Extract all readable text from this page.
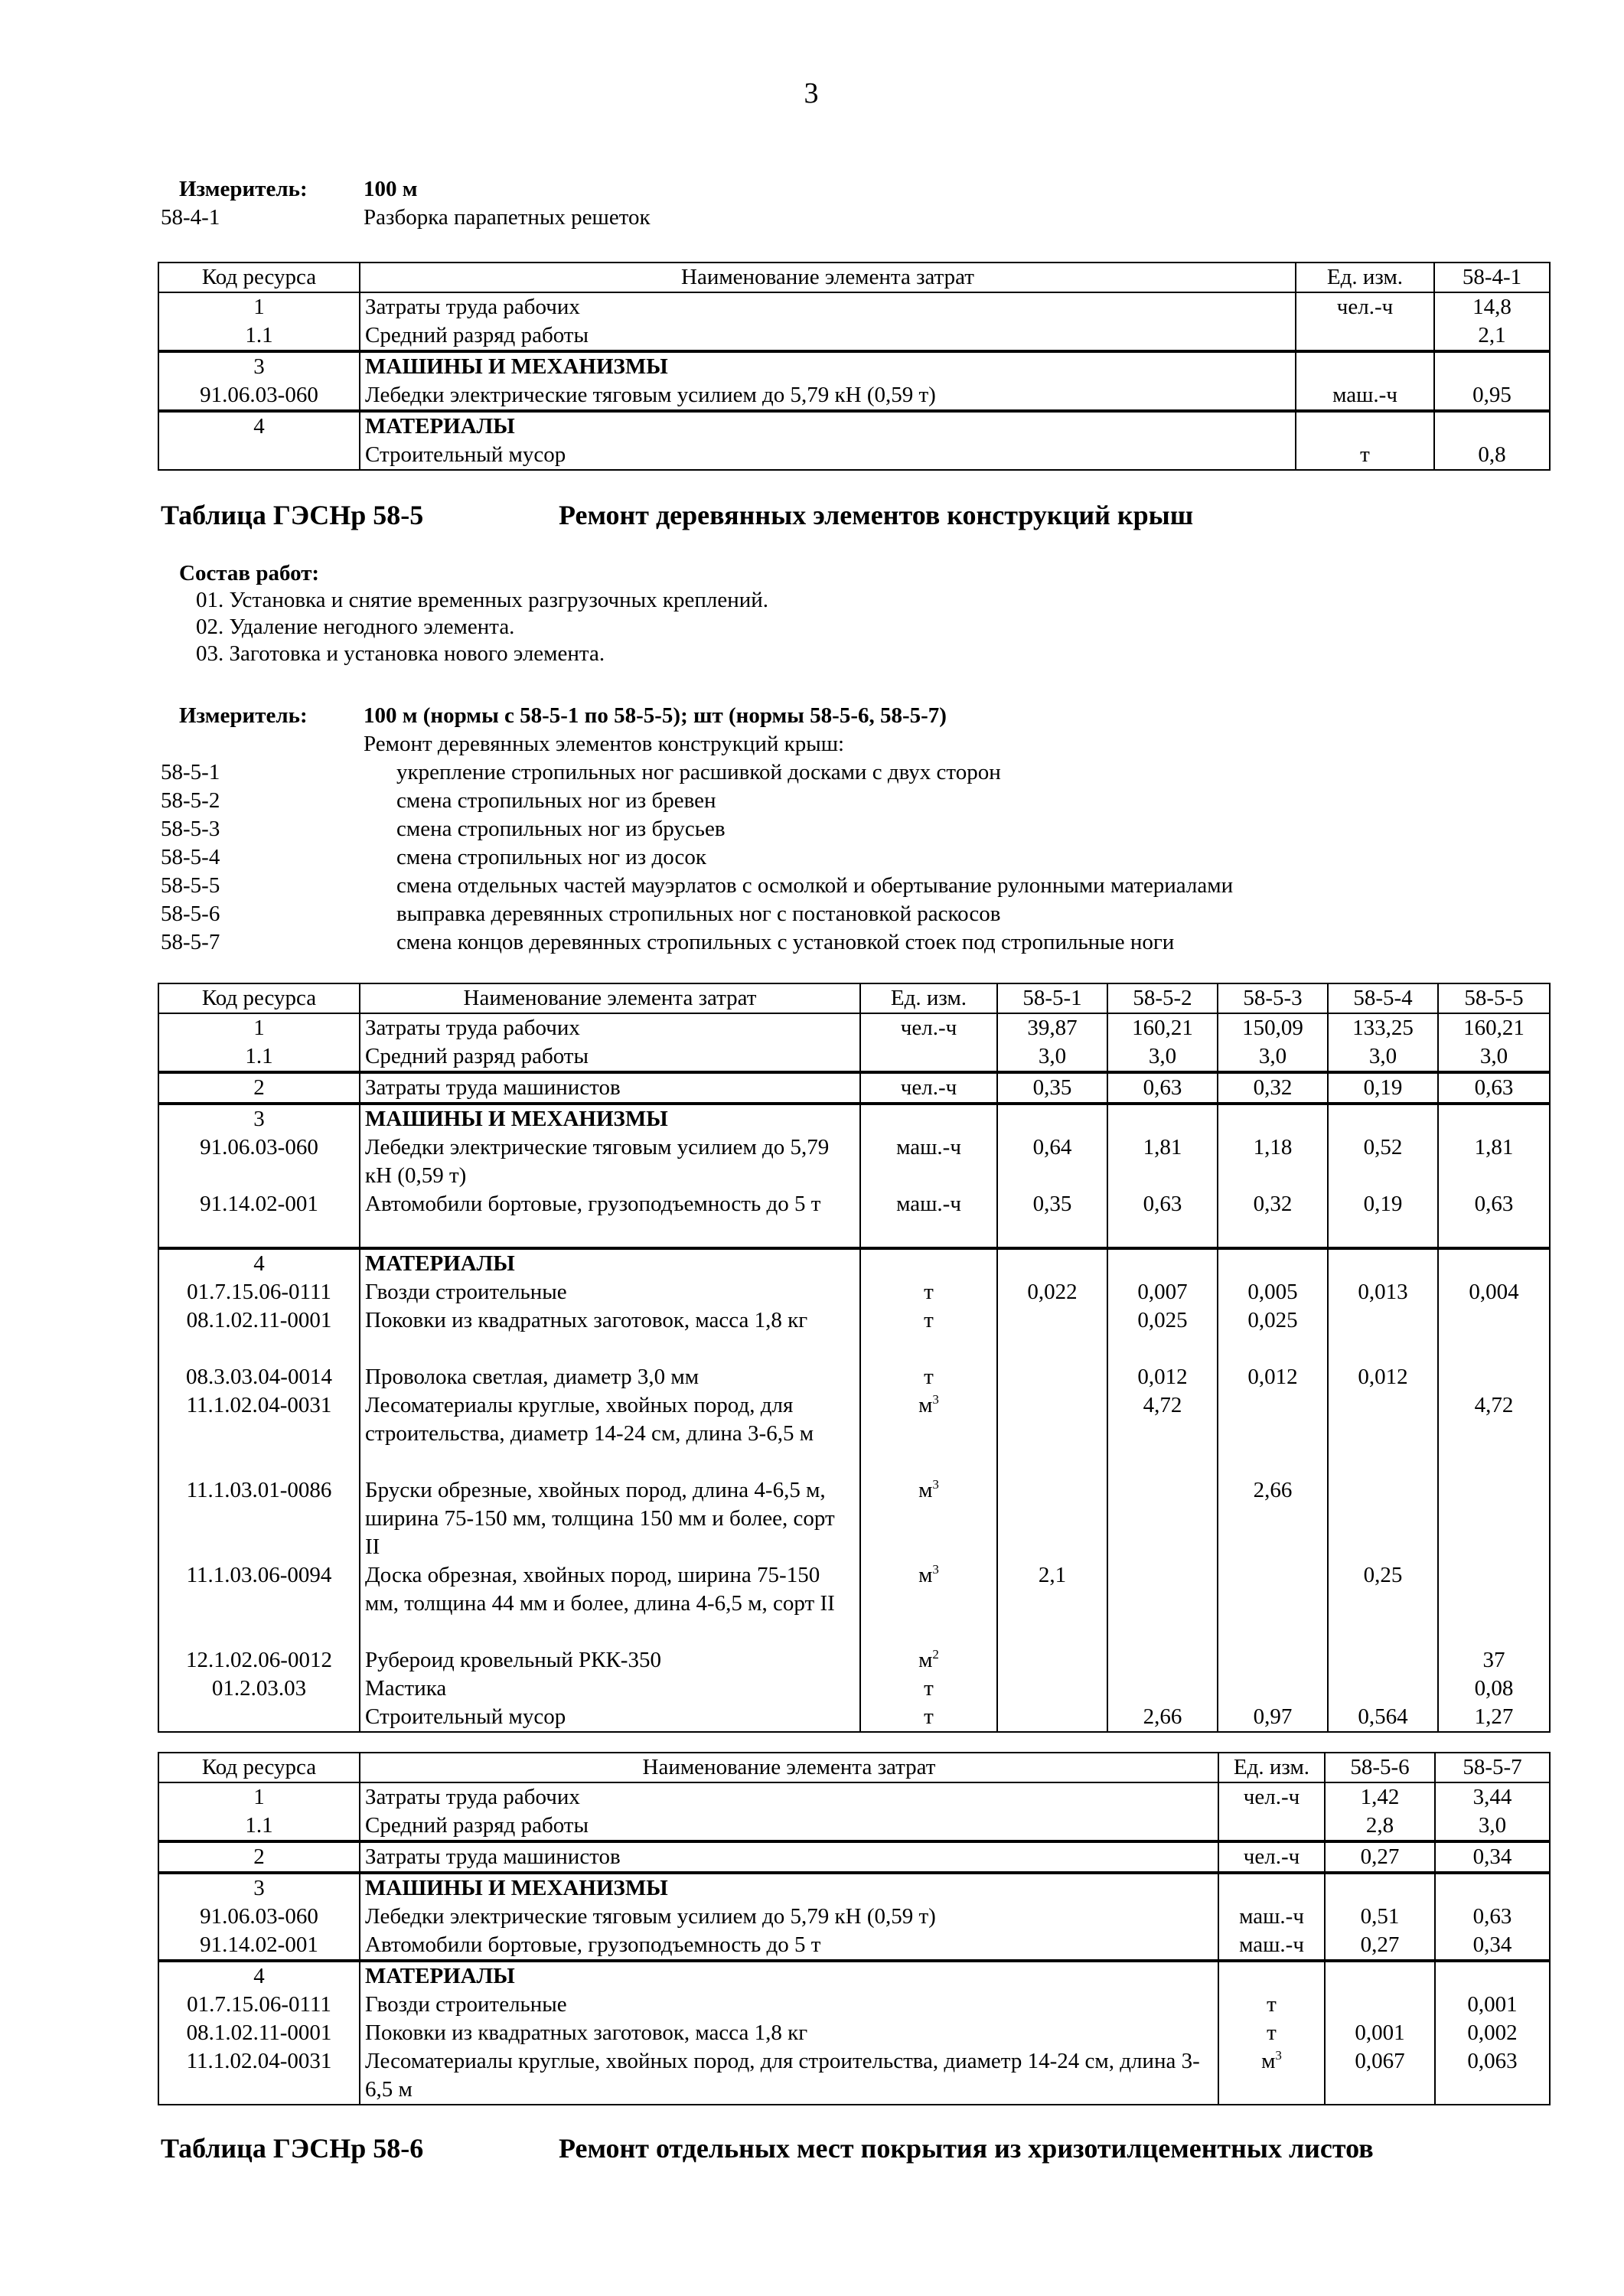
3
Измеритель:	100 м
58-4-1	Разборка парапетных решеток
Код ресурса	Наименование элемента затрат	Ед. изм.	58-4-1
1	Затраты труда рабочих	чел.-ч	14,8
1.1	Средний разряд работы		2,1
3	МАШИНЫ И МЕХАНИЗМЫ		
91.06.03-060	Лебедки электрические тяговым усилием до 5,79 кН (0,59 т)	маш.-ч	0,95
4	МАТЕРИАЛЫ		
	Строительный мусор	т	0,8
Таблица ГЭСНр 58-5	Ремонт деревянных элементов конструкций крыш
Состав работ:
01. Установка и снятие временных разгрузочных креплений.
02. Удаление негодного элемента.
03. Заготовка и установка нового элемента.
Измеритель:	100 м (нормы с 58-5-1 по 58-5-5); шт (нормы 58-5-6, 58-5-7)
Ремонт деревянных элементов конструкций крыш:
58-5-1	укрепление стропильных ног расшивкой досками с двух сторон
58-5-2	смена стропильных ног из бревен
58-5-3	смена стропильных ног из брусьев
58-5-4	смена стропильных ног из досок
58-5-5	смена отдельных частей мауэрлатов с осмолкой и обертывание рулонными материалами
58-5-6	выправка деревянных стропильных ног с постановкой раскосов
58-5-7	смена концов деревянных стропильных с установкой стоек под стропильные ноги
Код ресурса	Наименование элемента затрат	Ед. изм.	58-5-1	58-5-2	58-5-3	58-5-4	58-5-5
1	Затраты труда рабочих	чел.-ч	39,87	160,21	150,09	133,25	160,21
1.1	Средний разряд работы		3,0	3,0	3,0	3,0	3,0
2	Затраты труда машинистов	чел.-ч	0,35	0,63	0,32	0,19	0,63
3	МАШИНЫ И МЕХАНИЗМЫ						
91.06.03-060	Лебедки электрические тяговым усилием до 5,79 кН (0,59 т)	маш.-ч	0,64	1,81	1,18	0,52	1,81
91.14.02-001	Автомобили бортовые, грузоподъемность до 5 т	маш.-ч	0,35	0,63	0,32	0,19	0,63
4	МАТЕРИАЛЫ						
01.7.15.06-0111	Гвозди строительные	т	0,022	0,007	0,005	0,013	0,004
08.1.02.11-0001	Поковки из квадратных заготовок, масса 1,8 кг	т		0,025	0,025		
08.3.03.04-0014	Проволока светлая, диаметр 3,0 мм	т		0,012	0,012	0,012	
11.1.02.04-0031	Лесоматериалы круглые, хвойных пород, для строительства, диаметр 14-24 см, длина 3-6,5 м	$м^3$		4,72			4,72
11.1.03.01-0086	Бруски обрезные, хвойных пород, длина 4-6,5 м, ширина 75-150 мм, толщина 150 мм и более, сорт II	$м^3$			2,66		
11.1.03.06-0094	Доска обрезная, хвойных пород, ширина 75-150 мм, толщина 44 мм и более, длина 4-6,5 м, сорт II	$м^3$	2,1			0,25	
12.1.02.06-0012	Рубероид кровельный РКК-350	$м^2$					37
01.2.03.03	Мастика	т					0,08
	Строительный мусор	т		2,66	0,97	0,564	1,27
Код ресурса	Наименование элемента затрат	Ед. изм.	58-5-6	58-5-7
1	Затраты труда рабочих	чел.-ч	1,42	3,44
1.1	Средний разряд работы		2,8	3,0
2	Затраты труда машинистов	чел.-ч	0,27	0,34
3	МАШИНЫ И МЕХАНИЗМЫ			
91.06.03-060	Лебедки электрические тяговым усилием до 5,79 кН (0,59 т)	маш.-ч	0,51	0,63
91.14.02-001	Автомобили бортовые, грузоподъемность до 5 т	маш.-ч	0,27	0,34
4	МАТЕРИАЛЫ			
01.7.15.06-0111	Гвозди строительные	т		0,001
08.1.02.11-0001	Поковки из квадратных заготовок, масса 1,8 кг	т	0,001	0,002
11.1.02.04-0031	Лесоматериалы круглые, хвойных пород, для строительства, диаметр 14-24 см, длина 3-6,5 м	$м^3$	0,067	0,063
Таблица ГЭСНр 58-6	Ремонт отдельных мест покрытия из хризотилцементных листов
